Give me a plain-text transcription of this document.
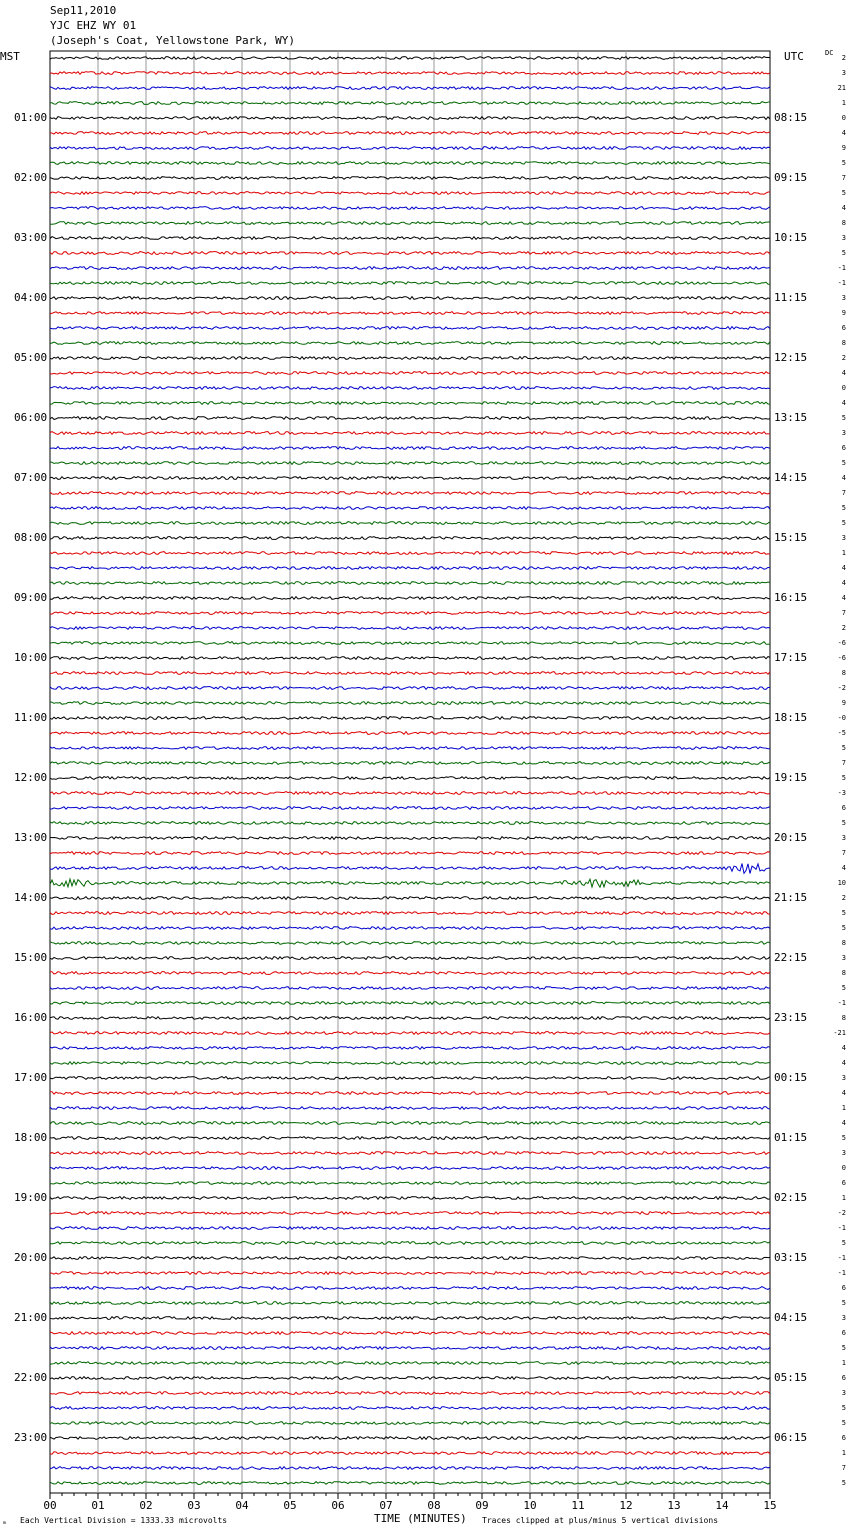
Sep11,2010
YJC EHZ WY 01
(Joseph's Coat, Yellowstone Park, WY)
MST	UTC	DC
00	01	02	03	04	05	06	07	08	09	10	11	12	13	14	15
01:00
02:00
03:00
04:00
05:00
06:00
07:00
08:00
09:00
10:00
11:00
12:00
13:00
14:00
15:00
16:00
17:00
18:00
19:00
20:00
21:00
22:00
23:00
08:15
09:15
10:15
11:15
12:15
13:15
14:15
15:15
16:15
17:15
18:15
19:15
20:15
21:15
22:15
23:15
00:15
01:15
02:15
03:15
04:15
05:15
06:15
2
3
21
1
0
4
9
5
7
5
4
8
3
5
-1
-1
3
9
6
8
2
4
0
4
5
3
6
5
4
7
5
5
3
1
4
4
4
7
2
-6
-6
8
-2
9
-0
-5
5
7
5
-3
6
5
3
7
4
10
2
5
5
8
3
8
5
-1
8
-21
4
4
3
4
1
4
5
3
0
6
1
-2
-1
5
-1
-1
6
5
3
6
5
1
6
3
5
5
6
1
7
5
ₘ Each Vertical Division = 1333.33 microvolts	TIME (MINUTES) Traces clipped at plus/minus 5 vertical divisions
